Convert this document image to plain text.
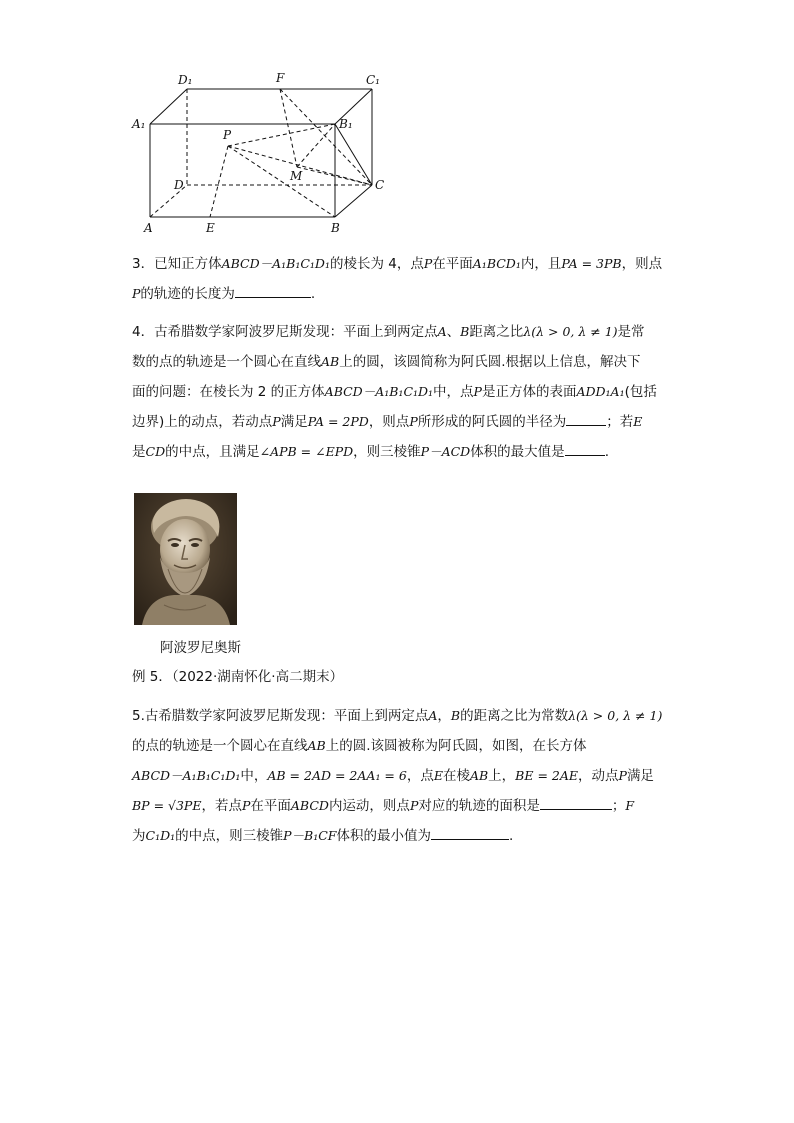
D₁	F	C₁
A₁	B₁
P
M
D	C
A	E	B
3．已知正方体ABCD－A₁B₁C₁D₁的棱长为 4，点P在平面A₁BCD₁内，且PA = 3PB，则点
P的轨迹的长度为	.
4．古希腊数学家阿波罗尼斯发现：平面上到两定点A、B距离之比λ(λ > 0, λ ≠ 1)是常
数的点的轨迹是一个圆心在直线AB上的圆，该圆简称为阿氏圆.根据以上信息，解决下
面的问题：在棱长为 2 的正方体ABCD－A₁B₁C₁D₁中，点P是正方体的表面ADD₁A₁(包括
边界)上的动点，若动点P满足PA = 2PD，则点P所形成的阿氏圆的半径为	；若E
是CD的中点，且满足∠APB = ∠EPD，则三棱锥P－ACD体积的最大值是	.
阿波罗尼奥斯
例 5．（2022·湖南怀化·高二期末）
5.古希腊数学家阿波罗尼斯发现：平面上到两定点A，B的距离之比为常数λ(λ > 0, λ ≠ 1)
的点的轨迹是一个圆心在直线AB上的圆.该圆被称为阿氏圆，如图，在长方体
ABCD－A₁B₁C₁D₁中，AB = 2AD = 2AA₁ = 6，点E在棱AB上，BE = 2AE，动点P满足
BP = √3PE，若点P在平面ABCD内运动，则点P对应的轨迹的面积是	；F
为C₁D₁的中点，则三棱锥P－B₁CF体积的最小值为	.
